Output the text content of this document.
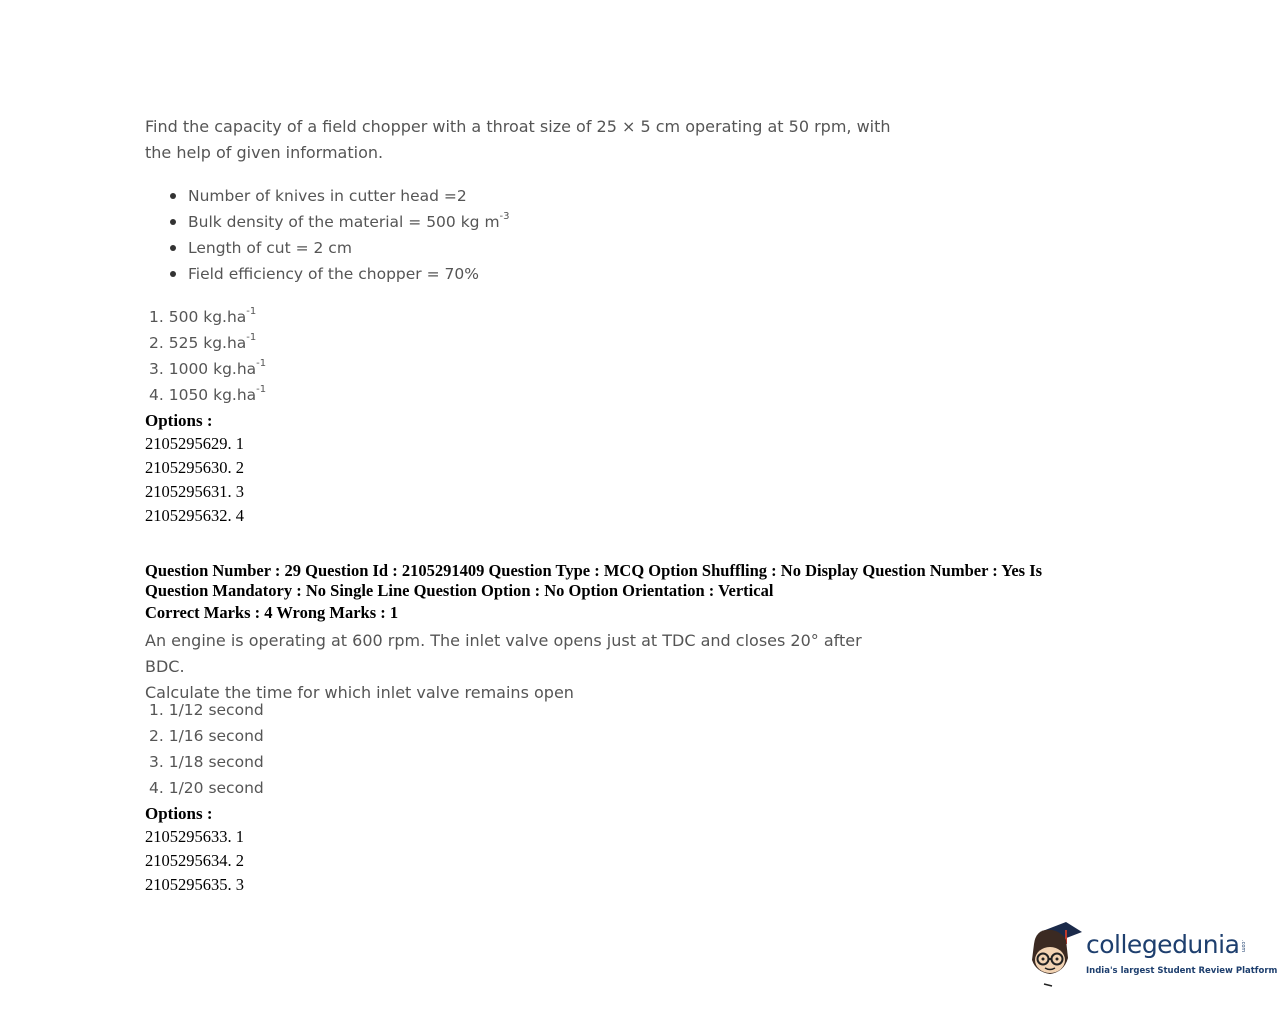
Find the capacity of a field chopper with a throat size of 25 × 5 cm operating at 50 rpm, with the help of given information.
Number of knives in cutter head =2
Bulk density of the material = 500 kg $m^{-3}$
Length of cut = 2 cm
Field efficiency of the chopper = 70%
1. 500 $kg.ha^{-1}$
2. 525 $kg.ha^{-1}$
3. 1000 $kg.ha^{-1}$
4. 1050 $kg.ha^{-1}$
Options :
2105295629. 1
2105295630. 2
2105295631. 3
2105295632. 4
Question Number : 29 Question Id : 2105291409 Question Type : MCQ Option Shuffling : No Display Question Number : Yes Is Question Mandatory : No Single Line Question Option : No Option Orientation : Vertical
Correct Marks : 4 Wrong Marks : 1
An engine is operating at 600 rpm. The inlet valve opens just at TDC and closes 20° after BDC.
Calculate the time for which inlet valve remains open
1. 1/12 second
2. 1/16 second
3. 1/18 second
4. 1/20 second
Options :
2105295633. 1
2105295634. 2
2105295635. 3
collegedunia .com
India's largest Student Review Platform
